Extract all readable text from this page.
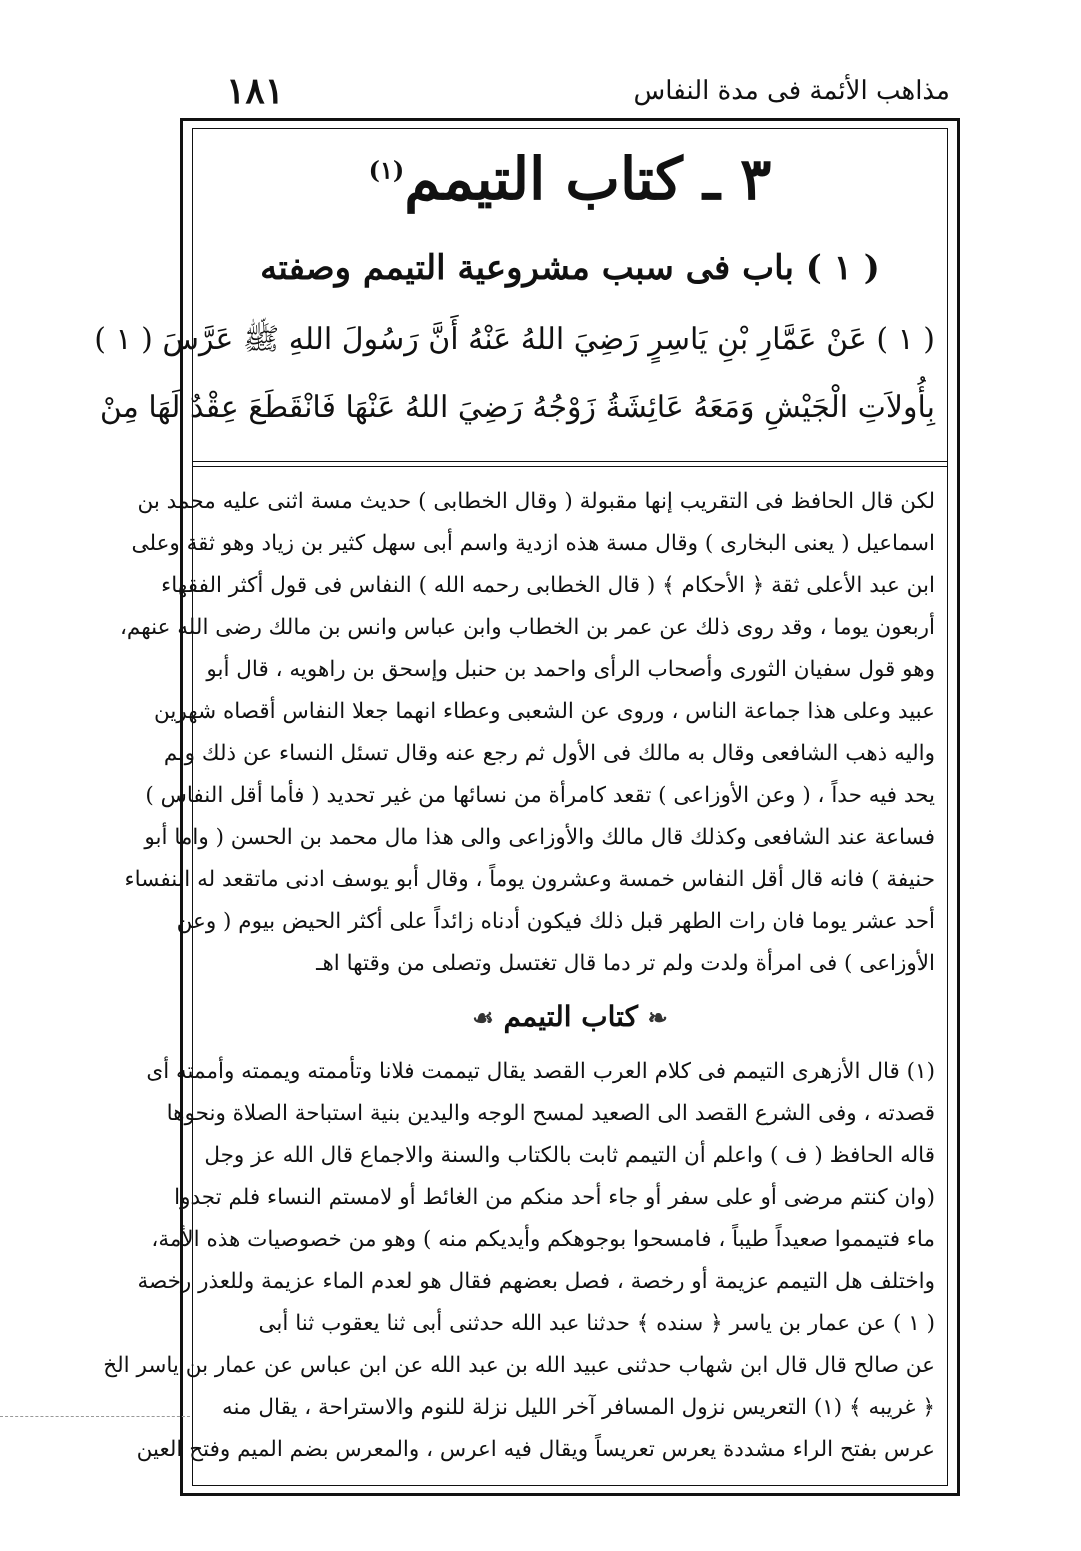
١٨١	مذاهب الأئمة فى مدة النفاس
٣ ـ كتاب التيمم$^{(١)}$
( ١ ) باب فى سبب مشروعية التيمم وصفته
( ١ ) عَنْ عَمَّارِ بْنِ يَاسِرٍ رَضِيَ اللهُ عَنْهُ أَنَّ رَسُولَ اللهِ ﷺ عَرَّسَ ( ١ )
بِأُولاَتِ الْجَيْشِ وَمَعَهُ عَائِشَةُ زَوْجُهُ رَضِيَ اللهُ عَنْهَا فَانْقَطَعَ عِقْدٌ لَهَا مِنْ
لكن قال الحافظ فى التقريب إنها مقبولة ( وقال الخطابى ) حديث مسة اثنى عليه محمد بن
اسماعيل ( يعنى البخارى ) وقال مسة هذه ازدية واسم أبى سهل كثير بن زياد وهو ثقة وعلى
ابن عبد الأعلى ثقة ﴿ الأحكام ﴾ ( قال الخطابى رحمه الله ) النفاس فى قول أكثر الفقهاء
أربعون يوما ، وقد روى ذلك عن عمر بن الخطاب وابن عباس وانس بن مالك رضى الله عنهم،
وهو قول سفيان الثورى وأصحاب الرأى واحمد بن حنبل وإسحق بن راهويه ، قال أبو
عبيد وعلى هذا جماعة الناس ، وروى عن الشعبى وعطاء انهما جعلا النفاس أقصاه شهرين
واليه ذهب الشافعى وقال به مالك فى الأول ثم رجع عنه وقال تسئل النساء عن ذلك ولم
يحد فيه حداً ، ( وعن الأوزاعى ) تقعد كامرأة من نسائها من غير تحديد ( فأما أقل النفاس )
فساعة عند الشافعى وكذلك قال مالك والأوزاعى والى هذا مال محمد بن الحسن ( واما أبو
حنيفة ) فانه قال أقل النفاس خمسة وعشرون يوماً ، وقال أبو يوسف ادنى ماتقعد له النفساء
أحد عشر يوما فان رات الطهر قبل ذلك فيكون أدناه زائداً على أكثر الحيض بيوم ( وعن
الأوزاعى ) فى امرأة ولدت ولم تر دما قال تغتسل وتصلى من وقتها اهـ
❧ كتاب التيمم ☙
(١) قال الأزهرى التيمم فى كلام العرب القصد يقال تيممت فلانا وتأممته ويممته وأممته أى
قصدته ، وفى الشرع القصد الى الصعيد لمسح الوجه واليدين بنية استباحة الصلاة ونحوها
قاله الحافظ ( ف ) واعلم أن التيمم ثابت بالكتاب والسنة والاجماع قال الله عز وجل
(وان كنتم مرضى أو على سفر أو جاء أحد منكم من الغائط أو لامستم النساء فلم تجدوا
ماء فتيمموا صعيداً طيباً ، فامسحوا بوجوهكم وأيديكم منه ) وهو من خصوصيات هذه الأمة،
واختلف هل التيمم عزيمة أو رخصة ، فصل بعضهم فقال هو لعدم الماء عزيمة وللعذر رخصة
( ١ ) عن عمار بن ياسر ﴿ سنده ﴾ حدثنا عبد الله حدثنى أبى ثنا يعقوب ثنا أبى
عن صالح قال قال ابن شهاب حدثنى عبيد الله بن عبد الله عن ابن عباس عن عمار بن ياسر الخ
﴿ غريبه ﴾ (١) التعريس نزول المسافر آخر الليل نزلة للنوم والاستراحة ، يقال منه
عرس بفتح الراء مشددة يعرس تعريساً ويقال فيه اعرس ، والمعرس بضم الميم وفتح العين
